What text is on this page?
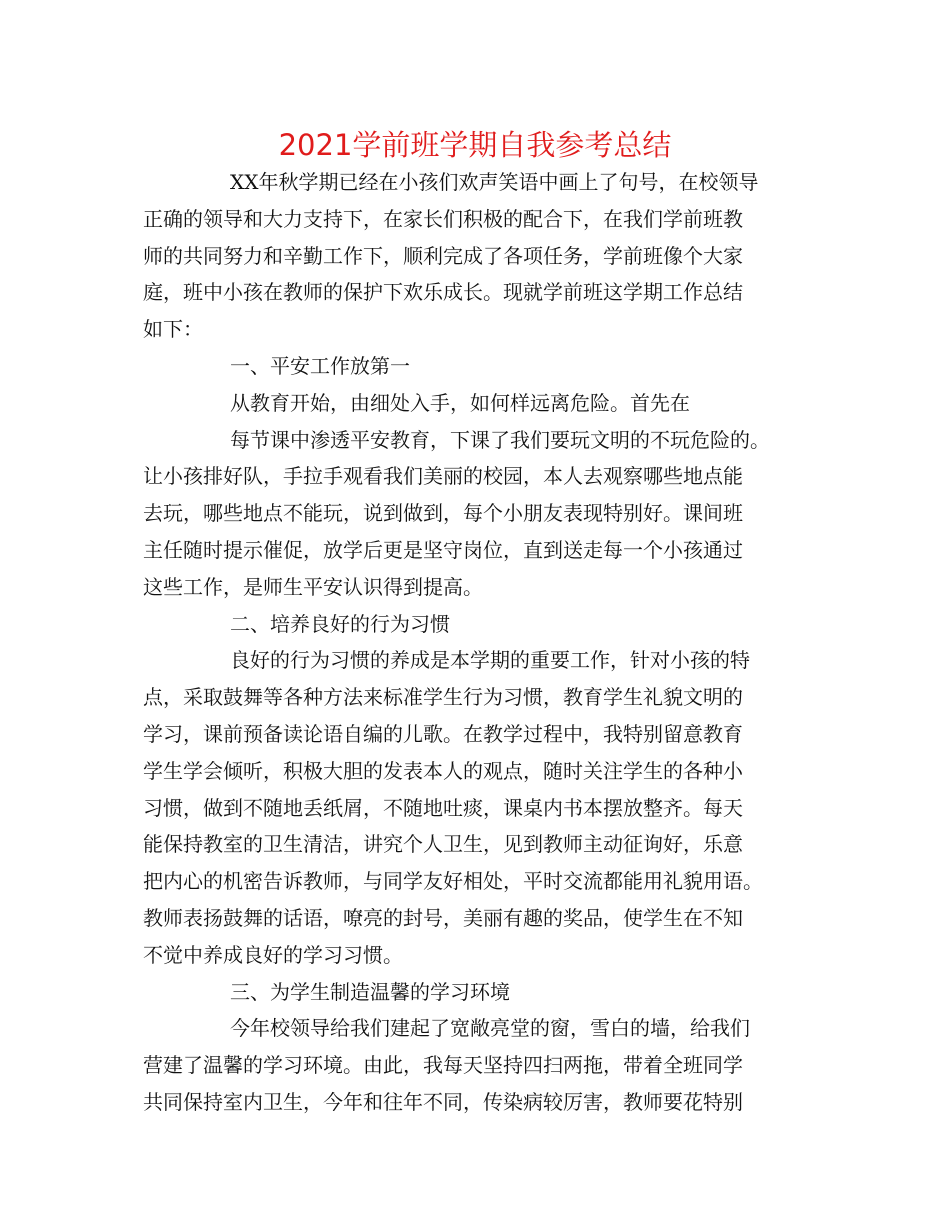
2021学前班学期自我参考总结

XX年秋学期已经在小孩们欢声笑语中画上了句号，在校领导

正确的领导和大力支持下，在家长们积极的配合下，在我们学前班教

师的共同努力和辛勤工作下，顺利完成了各项任务，学前班像个大家

庭，班中小孩在教师的保护下欢乐成长。现就学前班这学期工作总结

如下：

一、平安工作放第一

从教育开始，由细处入手，如何样远离危险。首先在

每节课中渗透平安教育，下课了我们要玩文明的不玩危险的。

让小孩排好队，手拉手观看我们美丽的校园，本人去观察哪些地点能

去玩，哪些地点不能玩，说到做到，每个小朋友表现特别好。课间班

主任随时提示催促，放学后更是坚守岗位，直到送走每一个小孩通过

这些工作，是师生平安认识得到提高。

二、培养良好的行为习惯

良好的行为习惯的养成是本学期的重要工作，针对小孩的特

点，采取鼓舞等各种方法来标准学生行为习惯，教育学生礼貌文明的

学习，课前预备读论语自编的儿歌。在教学过程中，我特别留意教育

学生学会倾听，积极大胆的发表本人的观点，随时关注学生的各种小

习惯，做到不随地丢纸屑，不随地吐痰，课桌内书本摆放整齐。每天

能保持教室的卫生清洁，讲究个人卫生，见到教师主动征询好，乐意

把内心的机密告诉教师，与同学友好相处，平时交流都能用礼貌用语。

教师表扬鼓舞的话语，嘹亮的封号，美丽有趣的奖品，使学生在不知

不觉中养成良好的学习习惯。

三、为学生制造温馨的学习环境

今年校领导给我们建起了宽敞亮堂的窗，雪白的墙，给我们

营建了温馨的学习环境。由此，我每天坚持四扫两拖，带着全班同学

共同保持室内卫生，今年和往年不同，传染病较厉害，教师要花特别
